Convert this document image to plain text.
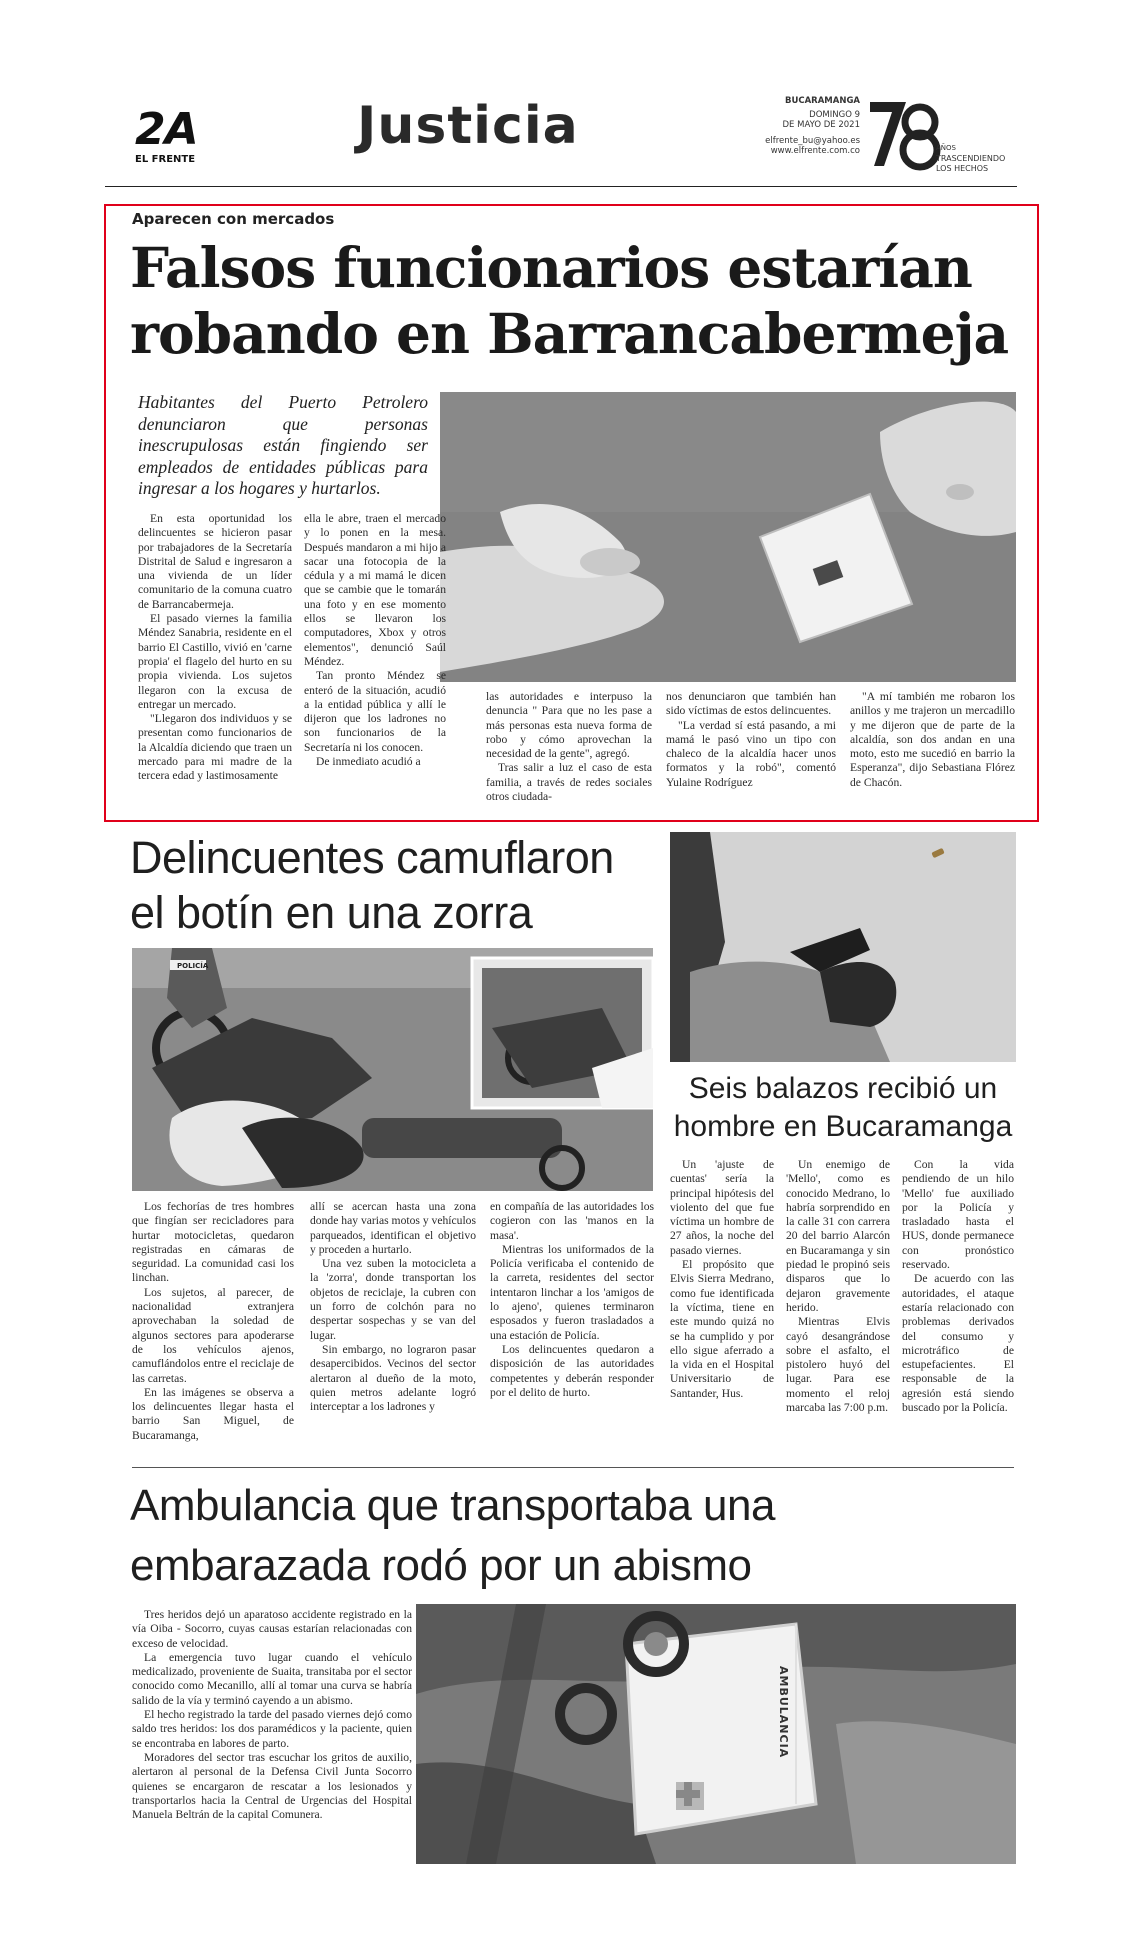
2A
EL FRENTE
Justicia	BUCARAMANGA
DOMINGO 9
DE MAYO DE 2021
elfrente_bu@yahoo.es
www.elfrente.com.co	AÑOS
TRASCENDIENDO
LOS HECHOS
Aparecen con mercados
Falsos funcionarios estarían
robando en Barrancabermeja
Habitantes del Puerto Petrolero denunciaron que personas inescrupulosas están fingiendo ser empleados de entidades públicas para ingresar a los hogares y hurtarlos.

En esta oportunidad los delincuentes se hicieron pasar por trabajadores de la Secretaría Distrital de Salud e ingresaron a una vivienda de un líder comunitario de la comuna cuatro de Barrancabermeja.

El pasado viernes la familia Méndez Sanabria, residente en el barrio El Castillo, vivió en 'carne propia' el flagelo del hurto en su propia vivienda. Los sujetos llegaron con la excusa de entregar un mercado.

"Llegaron dos individuos y se presentan como funcionarios de la Alcaldía diciendo que traen un mercado para mi madre de la tercera edad y lastimosamente

ella le abre, traen el mercado y lo ponen en la mesa. Después mandaron a mi hijo a sacar una fotocopia de la cédula y a mi mamá le dicen que se cambie que le tomarán una foto y en ese momento ellos se llevaron los computadores, Xbox y otros elementos", denunció Saúl Méndez.

Tan pronto Méndez se enteró de la situación, acudió a la entidad pública y allí le dijeron que los ladrones no son funcionarios de la Secretaría ni los conocen.

De inmediato acudió a

las autoridades e interpuso la denuncia " Para que no les pase a más personas esta nueva forma de robo y cómo aprovechan la necesidad de la gente", agregó.

Tras salir a luz el caso de esta familia, a través de redes sociales otros ciudada-

nos denunciaron que también han sido víctimas de estos delincuentes.

"La verdad sí está pasando, a mi mamá le pasó vino un tipo con chaleco de la alcaldía hacer unos formatos y la robó", comentó Yulaine Rodríguez

"A mí también me robaron los anillos y me trajeron un mercadillo y me dijeron que de parte de la alcaldía, son dos andan en una moto, esto me sucedió en barrio la Esperanza", dijo Sebastiana Flórez de Chacón.

Delincuentes camuflaron
el botín en una zorra
POLICÍA

Los fechorías de tres hombres que fingían ser recicladores para hurtar motocicletas, quedaron registradas en cámaras de seguridad. La comunidad casi los linchan.

Los sujetos, al parecer, de nacionalidad extranjera aprovechaban la soledad de algunos sectores para apoderarse de los vehículos ajenos, camuflándolos entre el reciclaje de las carretas.

En las imágenes se observa a los delincuentes llegar hasta el barrio San Miguel, de Bucaramanga,

allí se acercan hasta una zona donde hay varias motos y vehículos parqueados, identifican el objetivo y proceden a hurtarlo.

Una vez suben la motocicleta a la 'zorra', donde transportan los objetos de reciclaje, la cubren con un forro de colchón para no despertar sospechas y se van del lugar.

Sin embargo, no lograron pasar desapercibidos. Vecinos del sector alertaron al dueño de la moto, quien metros adelante logró interceptar a los ladrones y

en compañía de las autoridades los cogieron con las 'manos en la masa'.

Mientras los uniformados de la Policía verificaba el contenido de la carreta, residentes del sector intentaron linchar a los 'amigos de lo ajeno', quienes terminaron esposados y fueron trasladados a una estación de Policía.

Los delincuentes quedaron a disposición de las autoridades competentes y deberán responder por el delito de hurto.

Seis balazos recibió un
hombre en Bucaramanga

Un 'ajuste de cuentas' sería la principal hipótesis del violento del que fue víctima un hombre de 27 años, la noche del pasado viernes.

El propósito que Elvis Sierra Medrano, como fue identificada la víctima, tiene en este mundo quizá no se ha cumplido y por ello sigue aferrado a la vida en el Hospital Universitario de Santander, Hus.

Un enemigo de 'Mello', como es conocido Medrano, lo habría sorprendido en la calle 31 con carrera 20 del barrio Alarcón en Bucaramanga y sin piedad le propinó seis disparos que lo dejaron gravemente herido.

Mientras Elvis cayó desangrándose sobre el asfalto, el pistolero huyó del lugar. Para ese momento el reloj marcaba las 7:00 p.m.

Con la vida pendiendo de un hilo 'Mello' fue auxiliado por la Policía y trasladado hasta el HUS, donde permanece con pronóstico reservado.

De acuerdo con las autoridades, el ataque estaría relacionado con problemas derivados del consumo y microtráfico de estupefacientes. El responsable de la agresión está siendo buscado por la Policía.

Ambulancia que transportaba una
embarazada rodó por un abismo

Tres heridos dejó un aparatoso accidente registrado en la vía Oiba - Socorro, cuyas causas estarían relacionadas con exceso de velocidad.

La emergencia tuvo lugar cuando el vehículo medicalizado, proveniente de Suaita, transitaba por el sector conocido como Mecanillo, allí al tomar una curva se habría salido de la vía y terminó cayendo a un abismo.

El hecho registrado la tarde del pasado viernes dejó como saldo tres heridos: los dos paramédicos y la paciente, quien se encontraba en labores de parto.

Moradores del sector tras escuchar los gritos de auxilio, alertaron al personal de la Defensa Civil Junta Socorro quienes se encargaron de rescatar a los lesionados y transportarlos hacia la Central de Urgencias del Hospital Manuela Beltrán de la capital Comunera.

AMBULANCIA
